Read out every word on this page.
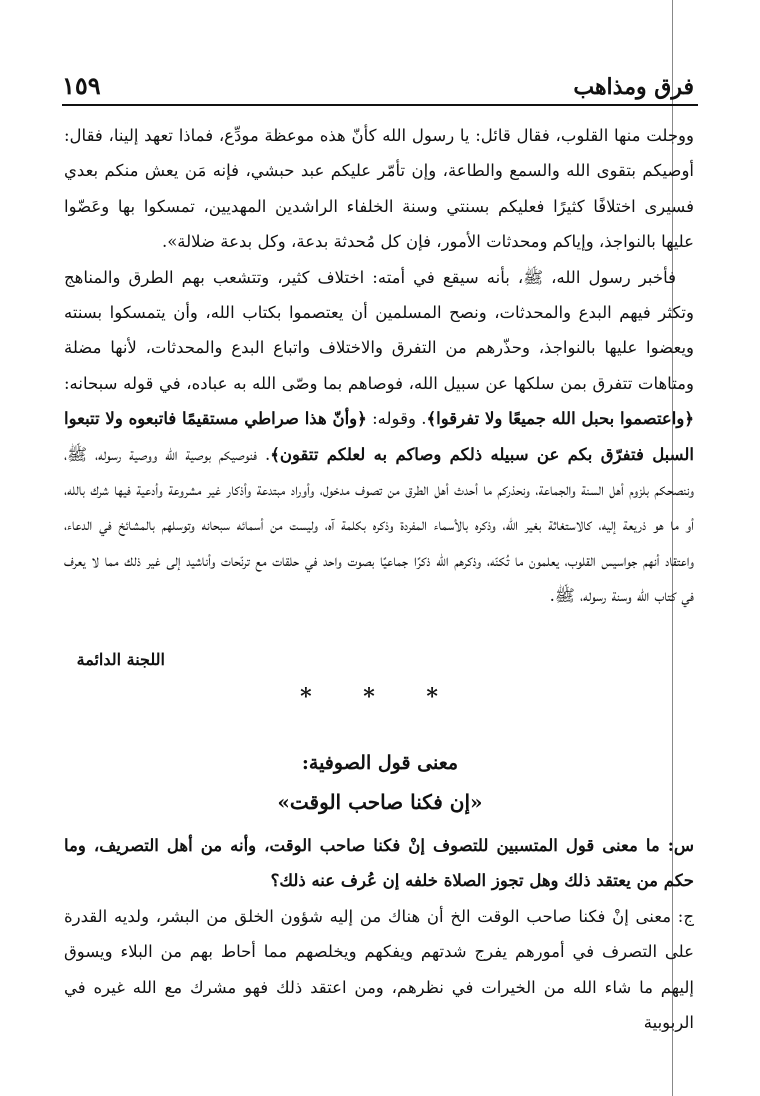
فرق ومذاهب
١٥٩

ووجلت منها القلوب، فقال قائل: يا رسول الله كأنّ هذه موعظة مودِّع، فماذا تعهد إلينا، فقال: أوصيكم بتقوى الله والسمع والطاعة، وإن تأمّر عليكم عبد حبشي، فإنه مَن يعش منكم بعدي فسيرى اختلافًا كثيرًا فعليكم بسنتي وسنة الخلفاء الراشدين المهديين، تمسكوا بها وعَضّوا عليها بالنواجذ، وإياكم ومحدثات الأمور، فإن كل مُحدثة بدعة، وكل بدعة ضلالة».

فأخبر رسول الله، ﷺ، بأنه سيقع في أمته: اختلاف كثير، وتتشعب بهم الطرق والمناهج وتكثر فيهم البدع والمحدثات، ونصح المسلمين أن يعتصموا بكتاب الله، وأن يتمسكوا بسنته ويعضوا عليها بالنواجذ، وحذّرهم من التفرق والاختلاف واتباع البدع والمحدثات، لأنها مضلة ومتاهات تتفرق بمن سلكها عن سبيل الله، فوصاهم بما وصّى الله به عباده، في قوله سبحانه: ﴿واعتصموا بحبل الله جميعًا ولا تفرقوا﴾. وقوله: ﴿وأنّ هذا صراطي مستقيمًا فاتبعوه ولا تتبعوا السبل فتفرّق بكم عن سبيله ذلكم وصاكم به لعلكم تتقون﴾. فنوصيكم بوصية الله ووصية رسوله، ﷺ، وننصحكم بلزوم أهل السنة والجماعة، ونحذركم ما أحدث أهل الطرق من تصوف مدخول، وأوراد مبتدعة وأذكار غير مشروعة وأدعية فيها شرك بالله، أو ما هو ذريعة إليه، كالاستغاثة بغير الله، وذكره بالأسماء المفردة وذكره بكلمة آه، وليست من أسمائه سبحانه وتوسلهم بالمشائخ في الدعاء، واعتقاد أنهم جواسيس القلوب، يعلمون ما تُكنّه، وذكرهم الله ذكرًا جماعيًا بصوت واحد في حلقات مع ترنّحات وأناشيد إلى غير ذلك مما لا يعرف في كتاب الله وسنة رسوله، ﷺ.

اللجنة الدائمة
* * *
معنى قول الصوفية:
«إن فكنا صاحب الوقت»

س: ما معنى قول المتسبين للتصوف إنْ فكنا صاحب الوقت، وأنه من أهل التصريف، وما حكم من يعتقد ذلك وهل تجوز الصلاة خلفه إن عُرف عنه ذلك؟

ج: معنى إنْ فكنا صاحب الوقت الخ أن هناك من إليه شؤون الخلق من البشر، ولديه القدرة على التصرف في أمورهم يفرج شدتهم ويفكهم ويخلصهم مما أحاط بهم من البلاء ويسوق إليهم ما شاء الله من الخيرات في نظرهم، ومن اعتقد ذلك فهو مشرك مع الله غيره في الربوبية
